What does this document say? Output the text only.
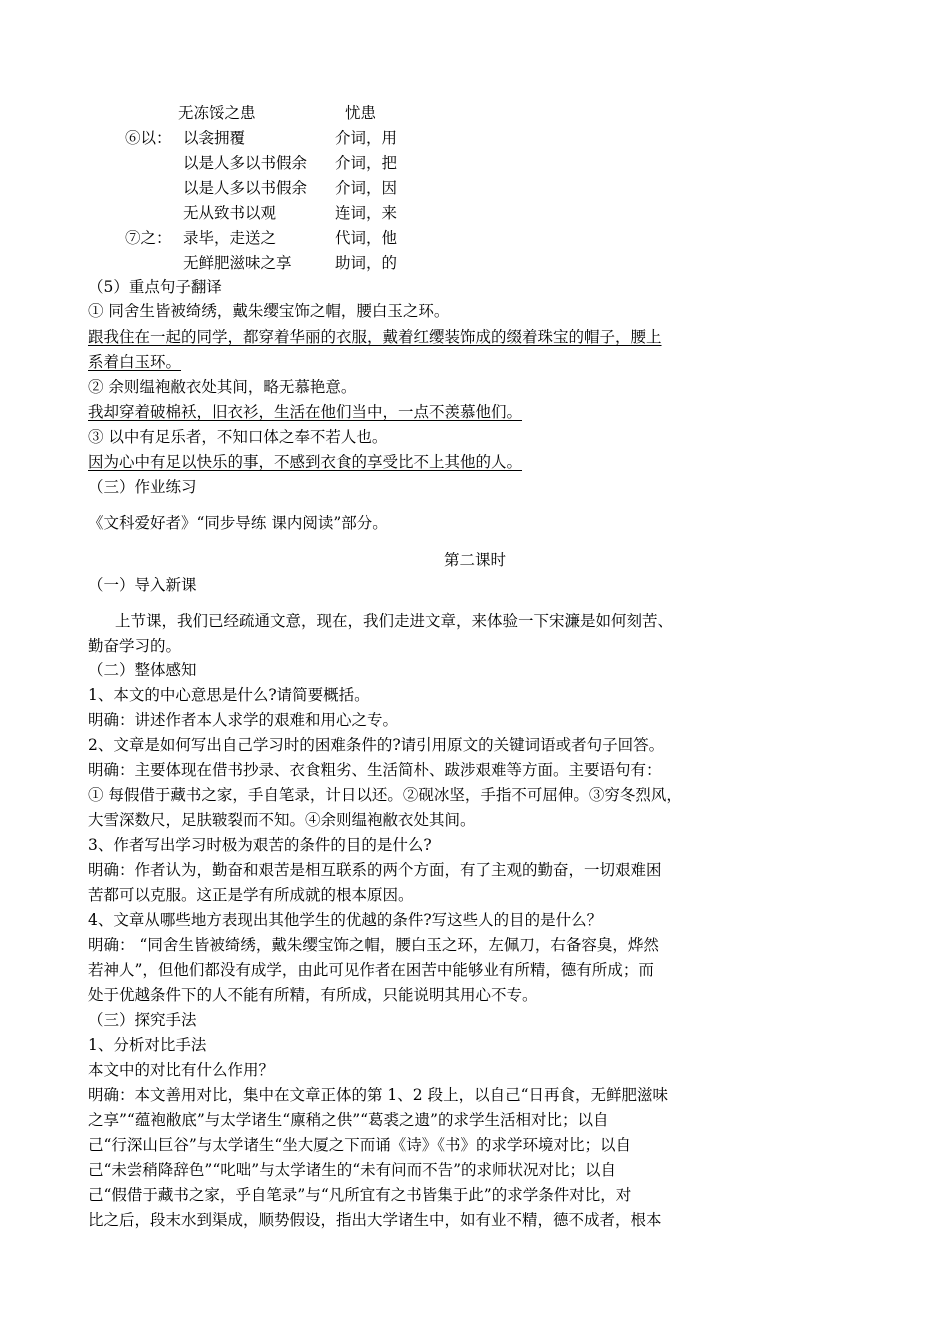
无冻馁之患	忧患
⑥以： 以衾拥覆	介词，用
以是人多以书假余 介词，把
以是人多以书假余 介词，因
无从致书以观	连词，来
⑦之： 录毕，走送之	代词，他
无鲜肥滋味之享	助词，的
（5）重点句子翻译
① 同舍生皆被绮绣，戴朱缨宝饰之帽，腰白玉之环。
跟我住在一起的同学，都穿着华丽的衣服，戴着红缨装饰成的缀着珠宝的帽子，腰上
系着白玉环。
② 余则缊袍敝衣处其间，略无慕艳意。
我却穿着破棉袄，旧衣衫，生活在他们当中，一点不羡慕他们。
③ 以中有足乐者，不知口体之奉不若人也。
因为心中有足以快乐的事，不感到衣食的享受比不上其他的人。
（三）作业练习
《文科爱好者》“同步导练 课内阅读”部分。
第二课时
（一）导入新课
上节课，我们已经疏通文意，现在，我们走进文章，来体验一下宋濂是如何刻苦、
勤奋学习的。
（二）整体感知
1、本文的中心意思是什么?请简要概括。
明确：讲述作者本人求学的艰难和用心之专。
2、文章是如何写出自己学习时的困难条件的?请引用原文的关键词语或者句子回答。
明确：主要体现在借书抄录、衣食粗劣、生活简朴、跋涉艰难等方面。主要语句有：
① 每假借于藏书之家，手自笔录，计日以还。②砚冰坚，手指不可屈伸。③穷冬烈风，
大雪深数尺，足肤皲裂而不知。④余则缊袍敝衣处其间。
3、作者写出学习时极为艰苦的条件的目的是什么?
明确：作者认为，勤奋和艰苦是相互联系的两个方面，有了主观的勤奋，一切艰难困
苦都可以克服。这正是学有所成就的根本原因。
4、文章从哪些地方表现出其他学生的优越的条件?写这些人的目的是什么？
明确： “同舍生皆被绮绣，戴朱缨宝饰之帽，腰白玉之环，左佩刀，右备容臭，烨然
若神人”，但他们都没有成学，由此可见作者在困苦中能够业有所精，德有所成；而
处于优越条件下的人不能有所精，有所成，只能说明其用心不专。
（三）探究手法
1、分析对比手法
本文中的对比有什么作用？
明确：本文善用对比，集中在文章正体的第 1、2 段上，以自己“日再食，无鲜肥滋味
之享”“蕴袍敝底”与太学诸生“廪稍之供”“葛裘之遗”的求学生活相对比；以自
己“行深山巨谷”与太学诸生“坐大厦之下而诵《诗》《书》的求学环境对比；以自
己“未尝稍降辞色”“叱咄”与太学诸生的“未有问而不告”的求师状况对比；以自
己“假借于藏书之家，乎自笔录”与“凡所宜有之书皆集于此”的求学条件对比，对
比之后，段末水到渠成，顺势假设，指出大学诸生中，如有业不精，德不成者，根本
